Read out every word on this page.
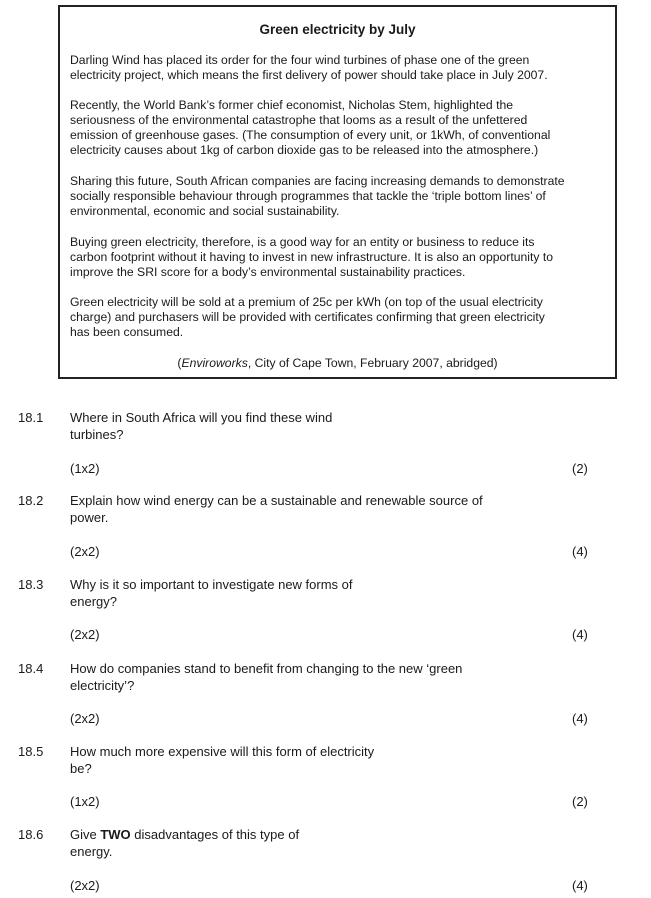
Green electricity by July
Darling Wind has placed its order for the four wind turbines of phase one of the green
electricity project, which means the first delivery of power should take place in July 2007.
Recently, the World Bank’s former chief economist, Nicholas Stem, highlighted the
seriousness of the environmental catastrophe that looms as a result of the unfettered
emission of greenhouse gases. (The consumption of every unit, or 1kWh, of conventional
electricity causes about 1kg of carbon dioxide gas to be released into the atmosphere.)
Sharing this future, South African companies are facing increasing demands to demonstrate
socially responsible behaviour through programmes that tackle the ‘triple bottom lines’ of
environmental, economic and social sustainability.
Buying green electricity, therefore, is a good way for an entity or business to reduce its
carbon footprint without it having to invest in new infrastructure. It is also an opportunity to
improve the SRI score for a body’s environmental sustainability practices.
Green electricity will be sold at a premium of 25c per kWh (on top of the usual electricity
charge) and purchasers will be provided with certificates confirming that green electricity
has been consumed.
(Enviroworks, City of Cape Town, February 2007, abridged)
18.1 Where in South Africa will you find these wind
turbines?
(1x2)	(2)
18.2 Explain how wind energy can be a sustainable and renewable source of
power.
(2x2)	(4)
18.3 Why is it so important to investigate new forms of
energy?
(2x2)	(4)
18.4 How do companies stand to benefit from changing to the new ‘green
electricity’?
(2x2)	(4)
18.5 How much more expensive will this form of electricity
be?
(1x2)	(2)
18.6 Give TWO disadvantages of this type of
energy.
(2x2)	(4)
